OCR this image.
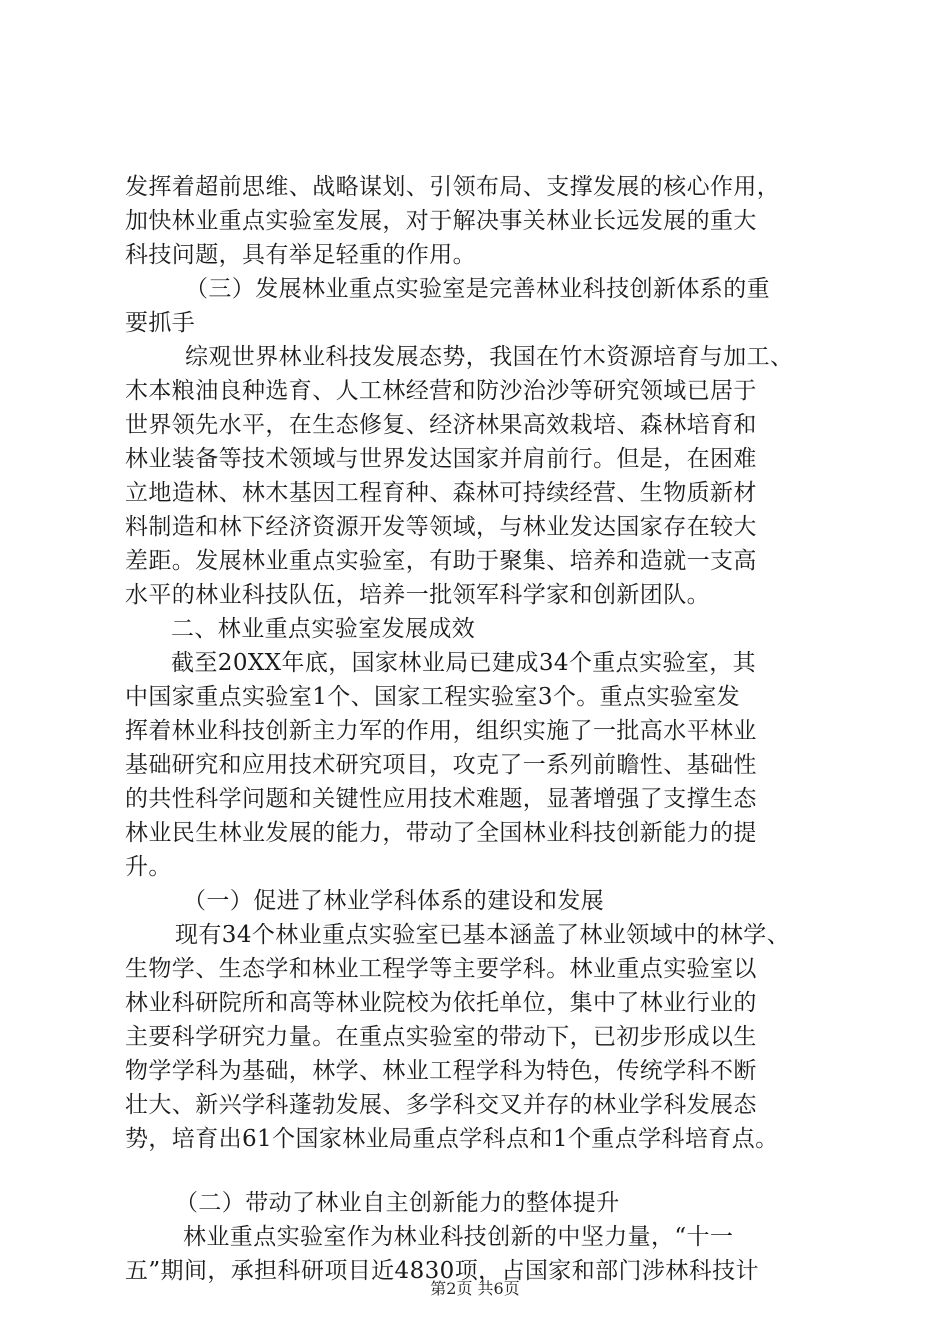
发挥着超前思维、战略谋划、引领布局、支撑发展的核心作用，
加快林业重点实验室发展，对于解决事关林业长远发展的重大
科技问题，具有举足轻重的作用。
（三）发展林业重点实验室是完善林业科技创新体系的重
要抓手
综观世界林业科技发展态势，我国在竹木资源培育与加工、
木本粮油良种选育、人工林经营和防沙治沙等研究领域已居于
世界领先水平，在生态修复、经济林果高效栽培、森林培育和
林业装备等技术领域与世界发达国家并肩前行。但是，在困难
立地造林、林木基因工程育种、森林可持续经营、生物质新材
料制造和林下经济资源开发等领域，与林业发达国家存在较大
差距。发展林业重点实验室，有助于聚集、培养和造就一支高
水平的林业科技队伍，培养一批领军科学家和创新团队。
二、林业重点实验室发展成效
截至20XX年底，国家林业局已建成34个重点实验室，其
中国家重点实验室1个、国家工程实验室3个。重点实验室发
挥着林业科技创新主力军的作用，组织实施了一批高水平林业
基础研究和应用技术研究项目，攻克了一系列前瞻性、基础性
的共性科学问题和关键性应用技术难题，显著增强了支撑生态
林业民生林业发展的能力，带动了全国林业科技创新能力的提
升。
（一）促进了林业学科体系的建设和发展
现有34个林业重点实验室已基本涵盖了林业领域中的林学、
生物学、生态学和林业工程学等主要学科。林业重点实验室以
林业科研院所和高等林业院校为依托单位，集中了林业行业的
主要科学研究力量。在重点实验室的带动下，已初步形成以生
物学学科为基础，林学、林业工程学科为特色，传统学科不断
壮大、新兴学科蓬勃发展、多学科交叉并存的林业学科发展态
势，培育出61个国家林业局重点学科点和1个重点学科培育点。
（二）带动了林业自主创新能力的整体提升
林业重点实验室作为林业科技创新的中坚力量，“十一
五”期间，承担科研项目近4830项，占国家和部门涉林科技计
第2页 共6页
